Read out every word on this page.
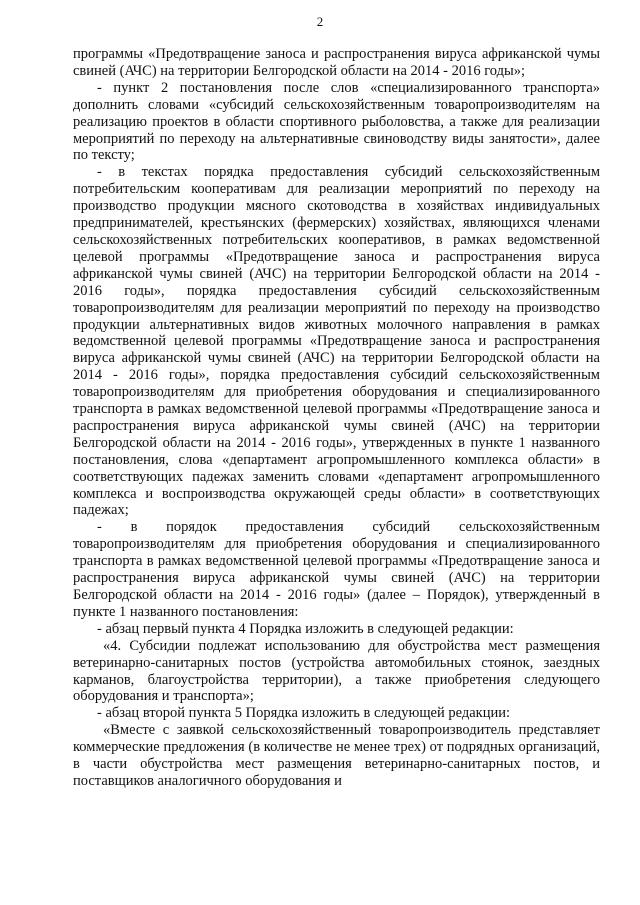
2

программы «Предотвращение заноса и распространения вируса африканской чумы свиней (АЧС) на территории Белгородской области на 2014 - 2016 годы»;

- пункт 2 постановления после слов «специализированного транспорта» дополнить словами «субсидий сельскохозяйственным товаропроизводителям на реализацию проектов в области спортивного рыболовства, а также для реализации мероприятий по переходу на альтернативные свиноводству виды занятости», далее по тексту;

- в текстах порядка предоставления субсидий сельскохозяйственным потребительским кооперативам для реализации мероприятий по переходу на производство продукции мясного скотоводства в хозяйствах индивидуальных предпринимателей, крестьянских (фермерских) хозяйствах, являющихся членами сельскохозяйственных потребительских кооперативов, в рамках ведомственной целевой программы «Предотвращение заноса и распространения вируса африканской чумы свиней (АЧС) на территории Белгородской области на 2014 - 2016 годы», порядка предоставления субсидий сельскохозяйственным товаропроизводителям для реализации мероприятий по переходу на производство продукции альтернативных видов животных молочного направления в рамках ведомственной целевой программы «Предотвращение заноса и распространения вируса африканской чумы свиней (АЧС) на территории Белгородской области на 2014 - 2016 годы», порядка предоставления субсидий сельскохозяйственным товаропроизводителям для приобретения оборудования и специализированного транспорта в рамках ведомственной целевой программы «Предотвращение заноса и распространения вируса африканской чумы свиней (АЧС) на территории Белгородской области на 2014 - 2016 годы», утвержденных в пункте 1 названного постановления, слова «департамент агропромышленного комплекса области» в соответствующих падежах заменить словами «департамент агропромышленного комплекса и воспроизводства окружающей среды области» в соответствующих падежах;

- в порядок предоставления субсидий сельскохозяйственным товаропроизводителям для приобретения оборудования и специализированного транспорта в рамках ведомственной целевой программы «Предотвращение заноса и распространения вируса африканской чумы свиней (АЧС) на территории Белгородской области на 2014 - 2016 годы» (далее – Порядок), утвержденный в пункте 1 названного постановления:

- абзац первый пункта 4 Порядка изложить в следующей редакции:

«4. Субсидии подлежат использованию для обустройства мест размещения ветеринарно-санитарных постов (устройства автомобильных стоянок, заездных карманов, благоустройства территории), а также приобретения следующего оборудования и транспорта»;

- абзац второй пункта 5 Порядка изложить в следующей редакции:

«Вместе с заявкой сельскохозяйственный товаропроизводитель представляет коммерческие предложения (в количестве не менее трех) от подрядных организаций, в части обустройства мест размещения ветеринарно-санитарных постов, и поставщиков аналогичного оборудования и
